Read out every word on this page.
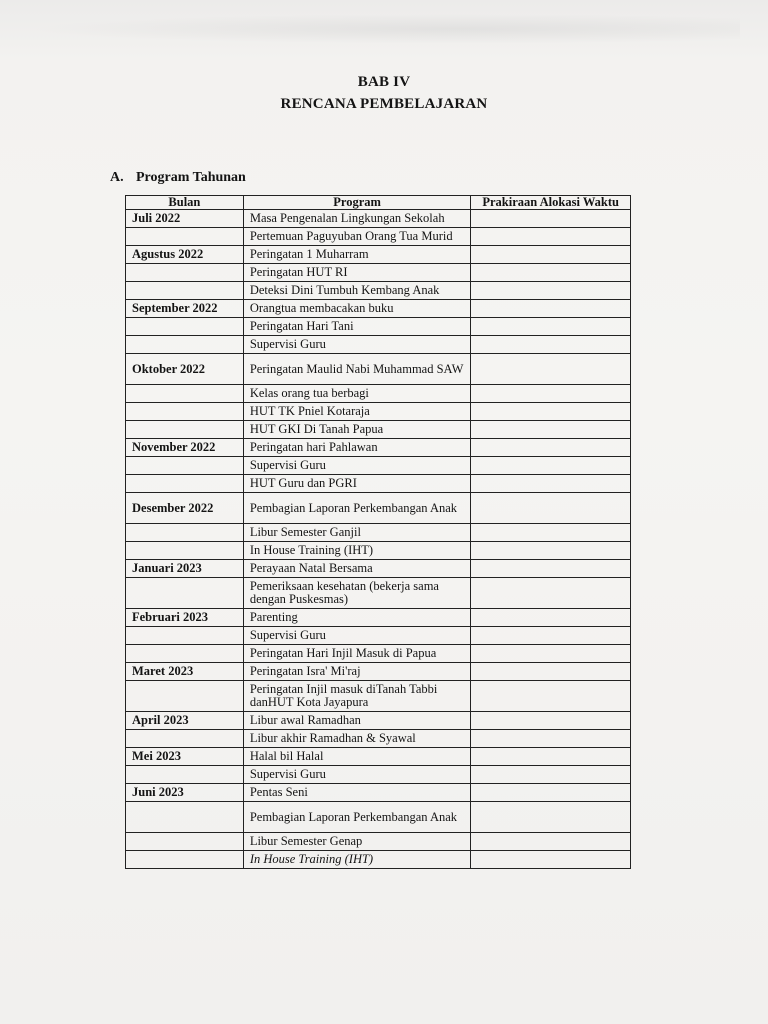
BAB IV
RENCANA PEMBELAJARAN
A. Program Tahunan
Bulan	Program	Prakiraan Alokasi Waktu
Juli 2022	Masa Pengenalan Lingkungan Sekolah	
	Pertemuan Paguyuban Orang Tua Murid	
Agustus 2022	Peringatan 1 Muharram	
	Peringatan HUT RI	
	Deteksi Dini Tumbuh Kembang Anak	
September 2022	Orangtua membacakan buku	
	Peringatan Hari Tani	
	Supervisi Guru	
Oktober 2022	Peringatan Maulid Nabi Muhammad SAW	
	Kelas orang tua berbagi	
	HUT TK Pniel Kotaraja	
	HUT GKI Di Tanah Papua	
November 2022	Peringatan hari Pahlawan	
	Supervisi Guru	
	HUT Guru dan PGRI	
Desember 2022	Pembagian Laporan Perkembangan Anak	
	Libur Semester Ganjil	
	In House Training (IHT)	
Januari 2023	Perayaan Natal Bersama	
	Pemeriksaan kesehatan (bekerja sama dengan Puskesmas)	
Februari 2023	Parenting	
	Supervisi Guru	
	Peringatan Hari Injil Masuk di Papua	
Maret 2023	Peringatan Isra' Mi'raj	
	Peringatan Injil masuk diTanah Tabbi danHUT Kota Jayapura	
April 2023	Libur awal Ramadhan	
	Libur akhir Ramadhan & Syawal	
Mei 2023	Halal bil Halal	
	Supervisi Guru	
Juni 2023	Pentas Seni	
	Pembagian Laporan Perkembangan Anak	
	Libur Semester Genap	
	In House Training (IHT)	
